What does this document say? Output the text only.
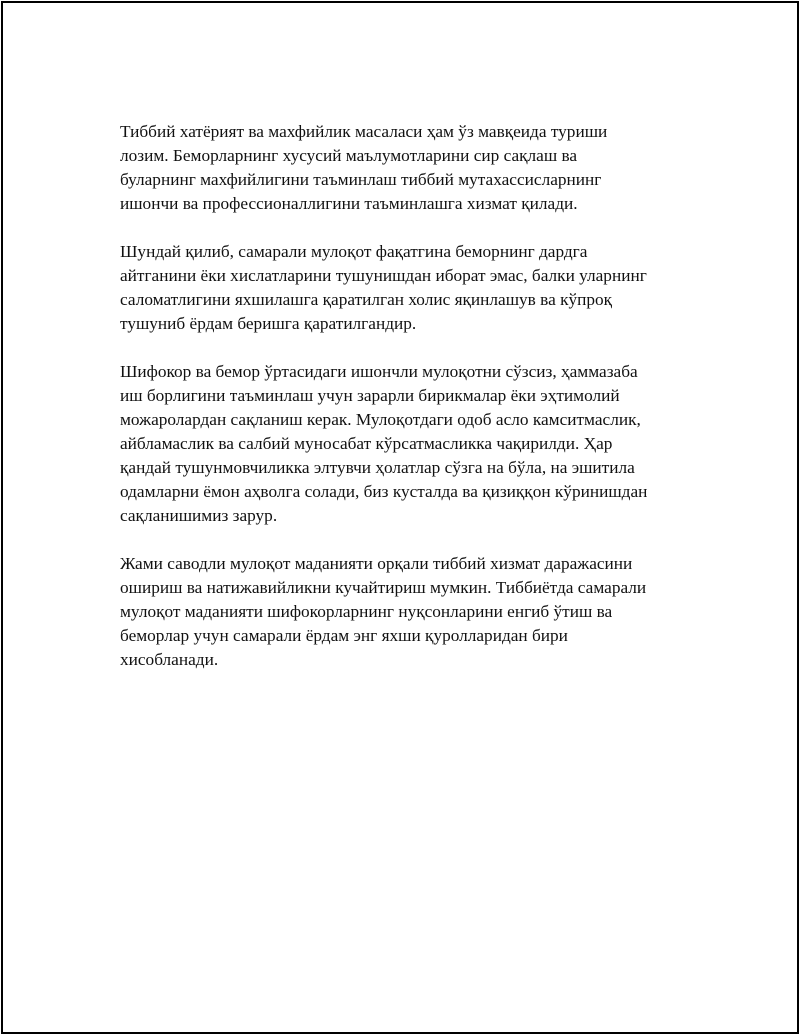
Тиббий хатёрият ва махфийлик масаласи ҳам ўз мавқеида туриши
лозим. Беморларнинг хусусий маълумотларини сир сақлаш ва
буларнинг махфийлигини таъминлаш тиббий мутахассисларнинг
ишончи ва профессионаллигини таъминлашга хизмат қилади.

Шундай қилиб, самарали мулоқот фақатгина беморнинг дардга
айтганини ёки хислатларини тушунишдан иборат эмас, балки уларнинг
саломатлигини яхшилашга қаратилган холис яқинлашув ва кўпроқ
тушуниб ёрдам беришга қаратилгандир.

Шифокор ва бемор ўртасидаги ишончли мулоқотни сўзсиз, ҳаммазаба
иш борлигини таъминлаш учун зарарли бирикмалар ёки эҳтимолий
можаролардан сақланиш керак. Мулоқотдаги одоб асло камситмаслик,
айбламаслик ва салбий муносабат кўрсатмасликка чақирилди. Ҳар
қандай тушунмовчиликка элтувчи ҳолатлар сўзга на бўла, на эшитила
одамларни ёмон аҳволга солади, биз кусталда ва қизиққон кўринишдан
сақланишимиз зарур.

Жами саводли мулоқот маданияти орқали тиббий хизмат даражасини
ошириш ва натижавийликни кучайтириш мумкин. Тиббиётда самарали
мулоқот маданияти шифокорларнинг нуқсонларини енгиб ўтиш ва
беморлар учун самарали ёрдам энг яхши қуролларидан бири
хисобланади.
